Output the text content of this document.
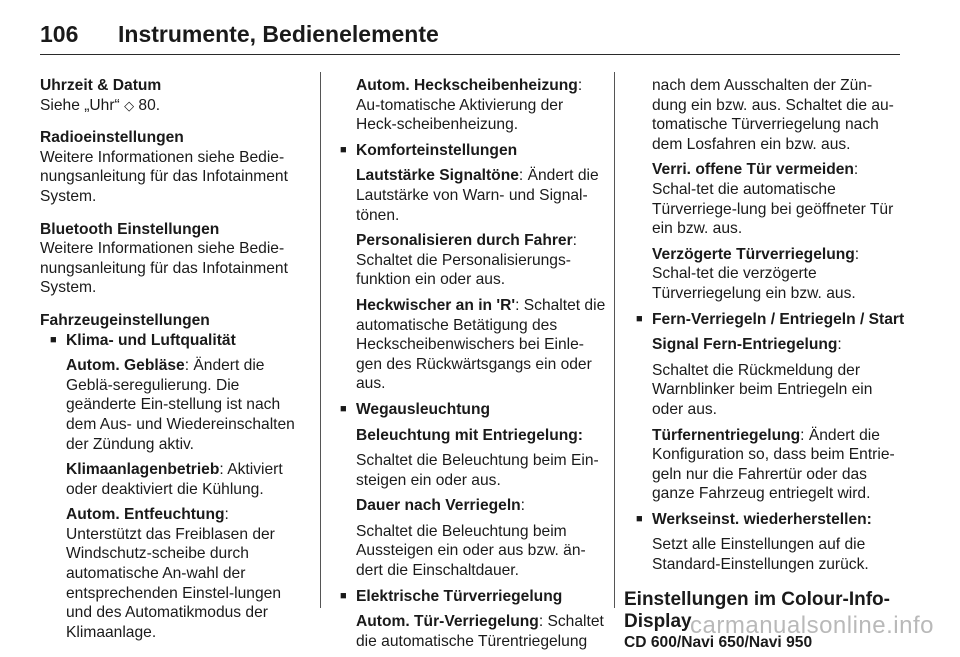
106	Instrumente, Bedienelemente
Uhrzeit & Datum
Siehe „Uhr“ ◇ 80.
Radioeinstellungen
Weitere Informationen siehe Bedie-nungsanleitung für das Infotainment System.
Bluetooth Einstellungen
Weitere Informationen siehe Bedie-nungsanleitung für das Infotainment System.
Fahrzeugeinstellungen
■ Klima- und Luftqualität
Autom. Gebläse: Ändert die Geblä-seregulierung. Die geänderte Ein-stellung ist nach dem Aus- und Wiedereinschalten der Zündung aktiv.
Klimaanlagenbetrieb: Aktiviert oder deaktiviert die Kühlung.
Autom. Entfeuchtung: Unterstützt das Freiblasen der Windschutz-scheibe durch automatische An-wahl der entsprechenden Einstel-lungen und des Automatikmodus der Klimaanlage.
Autom. Heckscheibenheizung: Au-tomatische Aktivierung der Heck-scheibenheizung.
■ Komforteinstellungen
Lautstärke Signaltöne: Ändert die Lautstärke von Warn- und Signal-tönen.
Personalisieren durch Fahrer: Schaltet die Personalisierungs-funktion ein oder aus.
Heckwischer an in 'R': Schaltet die automatische Betätigung des Heckscheibenwischers bei Einle-gen des Rückwärtsgangs ein oder aus.
■ Wegausleuchtung
Beleuchtung mit Entriegelung:
Schaltet die Beleuchtung beim Ein-steigen ein oder aus.
Dauer nach Verriegeln:
Schaltet die Beleuchtung beim Aussteigen ein oder aus bzw. än-dert die Einschaltdauer.
■ Elektrische Türverriegelung
Autom. Tür-Verriegelung: Schaltet die automatische Türentriegelung
nach dem Ausschalten der Zün-dung ein bzw. aus. Schaltet die au-tomatische Türverriegelung nach dem Losfahren ein bzw. aus.
Verri. offene Tür vermeiden: Schal-tet die automatische Türverriege-lung bei geöffneter Tür ein bzw. aus.
Verzögerte Türverriegelung: Schal-tet die verzögerte Türverriegelung ein bzw. aus.
■ Fern-Verriegeln / Entriegeln / Start
Signal Fern-Entriegelung:
Schaltet die Rückmeldung der Warnblinker beim Entriegeln ein oder aus.
Türfernentriegelung: Ändert die Konfiguration so, dass beim Entrie-geln nur die Fahrertür oder das ganze Fahrzeug entriegelt wird.
■ Werkseinst. wiederherstellen :
Setzt alle Einstellungen auf die Standard-Einstellungen zurück.
Einstellungen im Colour-Info-Display
CD 600/Navi 650/Navi 950
carmanualsonline.info
